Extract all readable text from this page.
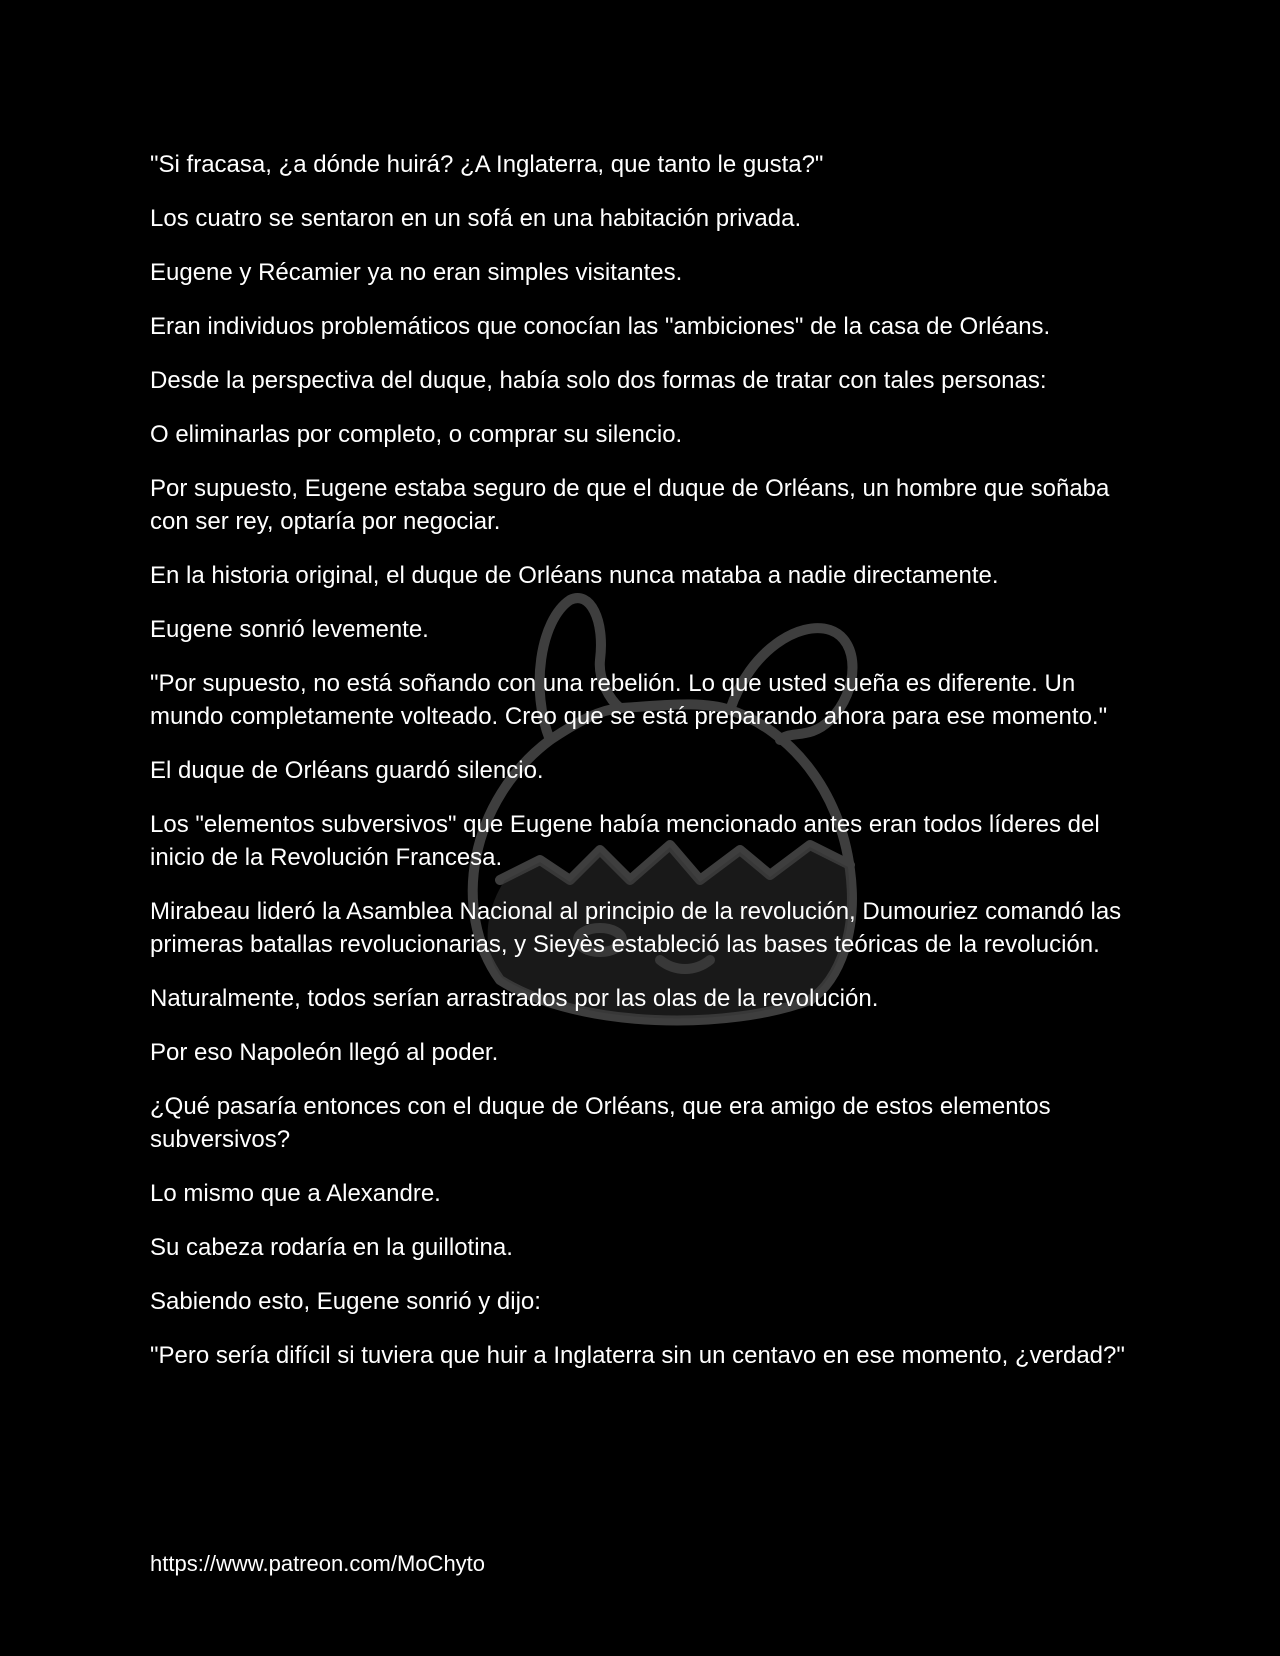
"Si fracasa, ¿a dónde huirá? ¿A Inglaterra, que tanto le gusta?"

Los cuatro se sentaron en un sofá en una habitación privada.

Eugene y Récamier ya no eran simples visitantes.

Eran individuos problemáticos que conocían las "ambiciones" de la casa de Orléans.

Desde la perspectiva del duque, había solo dos formas de tratar con tales personas:

O eliminarlas por completo, o comprar su silencio.

Por supuesto, Eugene estaba seguro de que el duque de Orléans, un hombre que soñaba con ser rey, optaría por negociar.

En la historia original, el duque de Orléans nunca mataba a nadie directamente.

Eugene sonrió levemente.

"Por supuesto, no está soñando con una rebelión. Lo que usted sueña es diferente. Un mundo completamente volteado. Creo que se está preparando ahora para ese momento."

El duque de Orléans guardó silencio.

Los "elementos subversivos" que Eugene había mencionado antes eran todos líderes del inicio de la Revolución Francesa.

Mirabeau lideró la Asamblea Nacional al principio de la revolución, Dumouriez comandó las primeras batallas revolucionarias, y Sieyès estableció las bases teóricas de la revolución.

Naturalmente, todos serían arrastrados por las olas de la revolución.

Por eso Napoleón llegó al poder.

¿Qué pasaría entonces con el duque de Orléans, que era amigo de estos elementos subversivos?

Lo mismo que a Alexandre.

Su cabeza rodaría en la guillotina.

Sabiendo esto, Eugene sonrió y dijo:

"Pero sería difícil si tuviera que huir a Inglaterra sin un centavo en ese momento, ¿verdad?"

https://www.patreon.com/MoChyto
